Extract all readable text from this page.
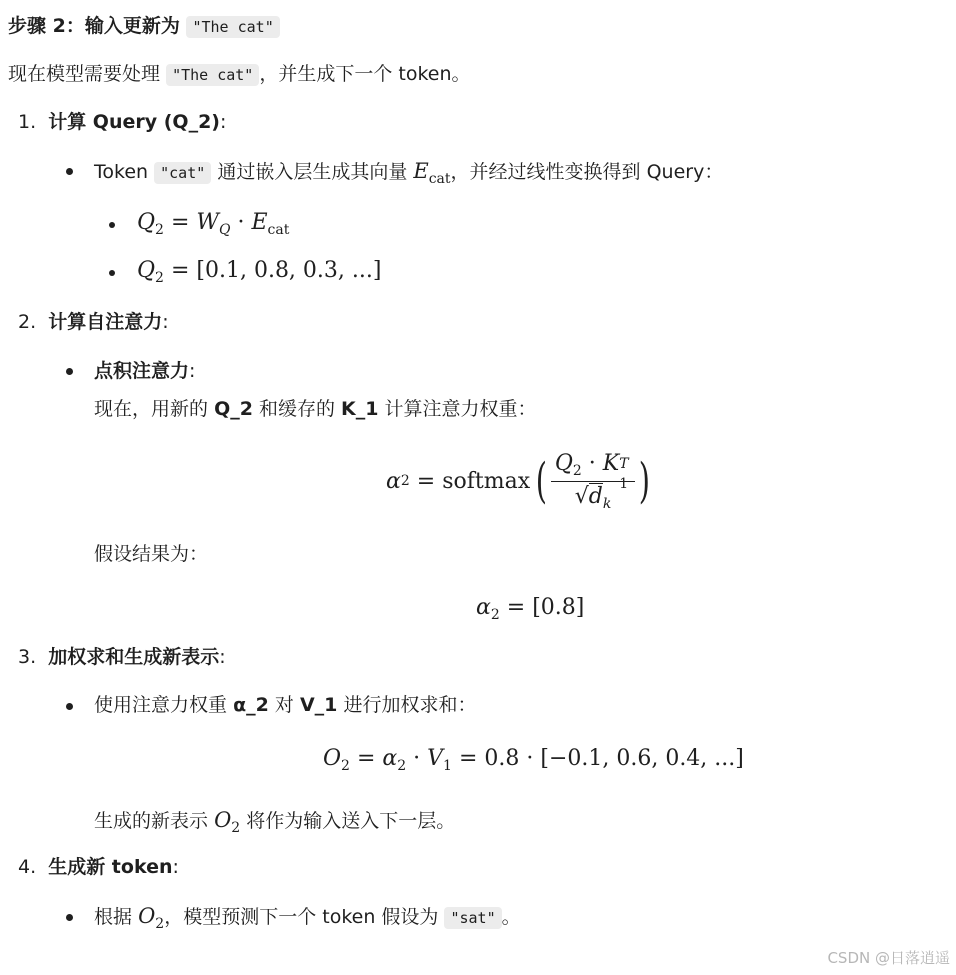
步骤 2：输入更新为 "The cat"
现在模型需要处理 "The cat" ，并生成下一个 token。
1. 计算 Query (Q_2):
Token "cat" 通过嵌入层生成其向量 $E_{cat}$，并经过线性变换得到 Query：
$Q_2 = W_Q \cdot E_{cat}$
$Q_2 = [0.1$, 0.8, 0.3, ...]
2. 计算自注意力:
点积注意力:
现在，用新的 Q_2 和缓存的 K_1 计算注意力权重：
α 2 = softmax ( $Q_2 \cdot K$ T
1
$√d_k$ )
假设结果为：
$\alpha_2 = [0.8]$
3. 加权求和生成新表示:
使用注意力权重 α_2 对 V_1 进行加权求和：
$O_2 = \alpha_2 \cdot V_1 = 0.8 \cdot [-0.1$, 0.6, 0.4, ...]
生成的新表示 $O_2$ 将作为输入送入下一层。
4. 生成新 token:
根据 $O_2$，模型预测下一个 token 假设为 "sat" 。
CSDN @日落逍遥
